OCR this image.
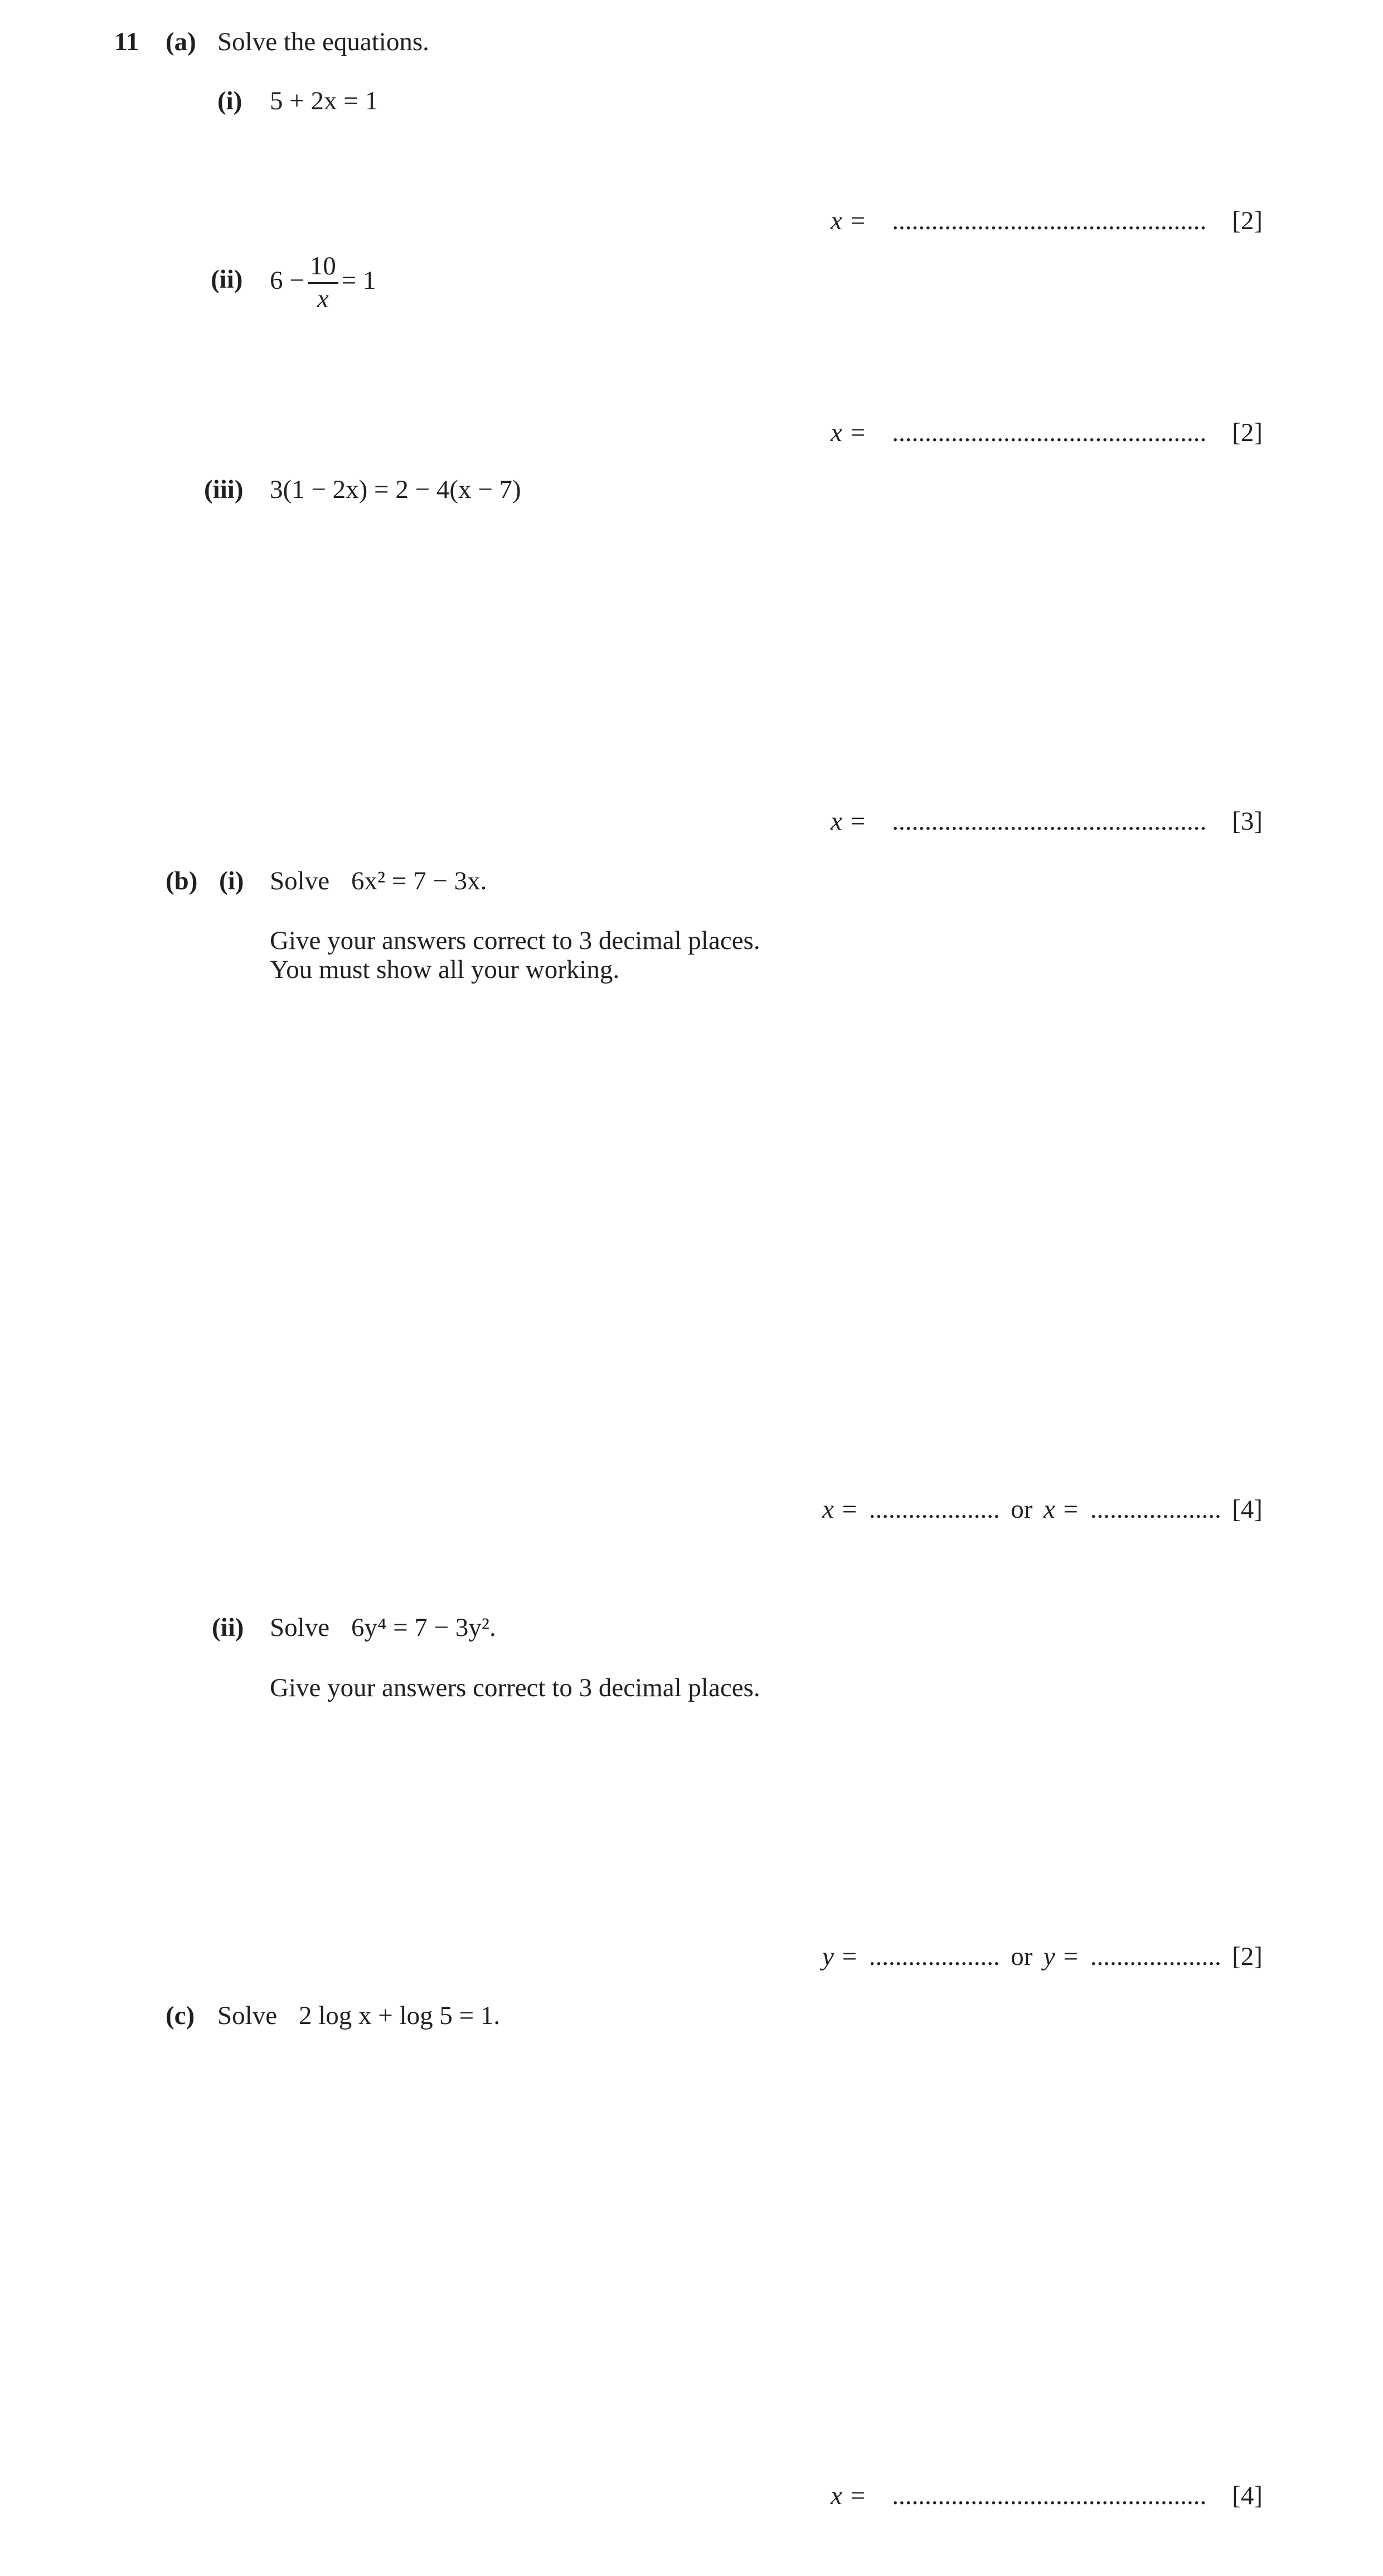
11 (a) Solve the equations.
(i) 5 + 2x = 1
x = ................................................ [2]
(ii) $6 - \frac{10}{x} = 1$
x = ................................................ [2]
(iii) 3(1 − 2x) = 2 − 4(x − 7)
x = ................................................ [3]
(b) (i) Solve 6x² = 7 − 3x.
Give your answers correct to 3 decimal places.
You must show all your working.
x = .................... or x = .................... [4]
(ii) Solve 6y⁴ = 7 − 3y².
Give your answers correct to 3 decimal places.
y = .................... or y = .................... [2]
(c) Solve 2 log x + log 5 = 1.
x = ................................................ [4]
